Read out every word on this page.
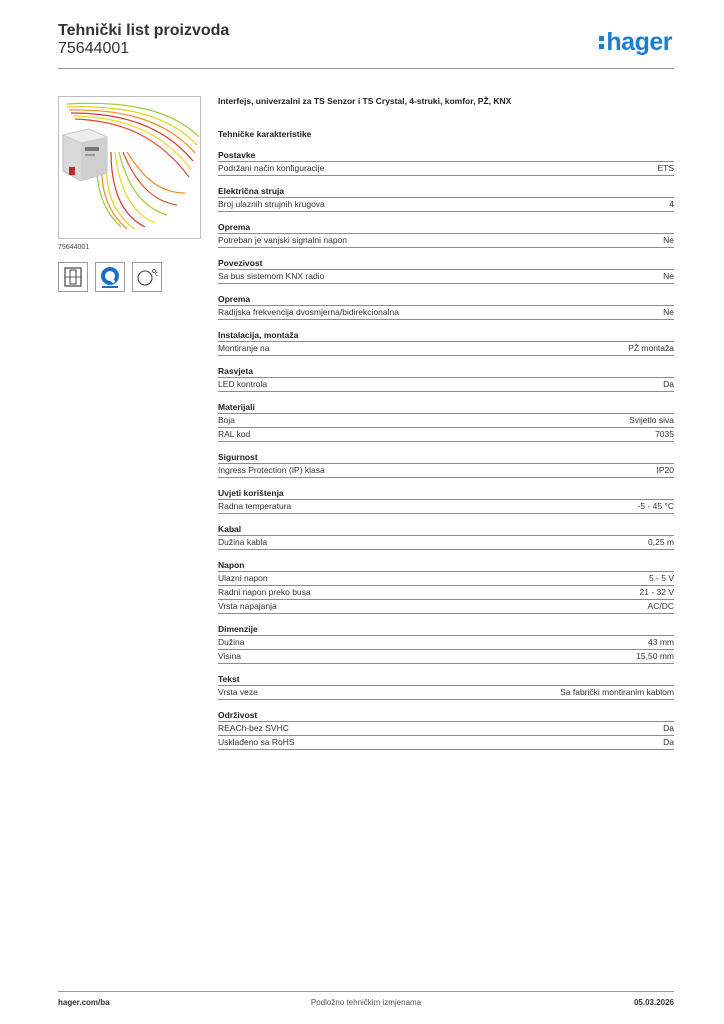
Tehnički list proizvoda
75644001	hager
75644001
C
Interfejs, univerzalni za TS Senzor i TS Crystal, 4-struki, komfor, PŽ, KNX
Tehničke karakteristike
Postavke
Podržani način konfiguracije	ETS
Električna struja
Broj ulaznih strujnih krugova	4
Oprema
Potreban je vanjski signalni napon	Ne
Povezivost
Sa bus sistemom KNX radio	Ne
Oprema
Radijska frekvencija dvosmjerna/bidirekcionalna	Ne
Instalacija, montaža
Montiranje na	PŽ montaža
Rasvjeta
LED kontrola	Da
Materijali
Boja	Svijetlo siva
RAL kod	7035
Sigurnost
Ingress Protection (IP) klasa	IP20
Uvjeti korištenja
Radna temperatura	-5 - 45 °C
Kabal
Dužina kabla	0,25 m
Napon
Ulazni napon	5 - 5 V
Radni napon preko busa	21 - 32 V
Vrsta napajanja	AC/DC
Dimenzije
Dužina	43 mm
Visina	15,50 mm
Tekst
Vrsta veze	Sa fabrički montiranim kablom
Održivost
REACh-bez SVHC	Da
Usklađeno sa RoHS	Da
hager.com/ba	Podložno tehničkim izmjenama	05.03.2026
